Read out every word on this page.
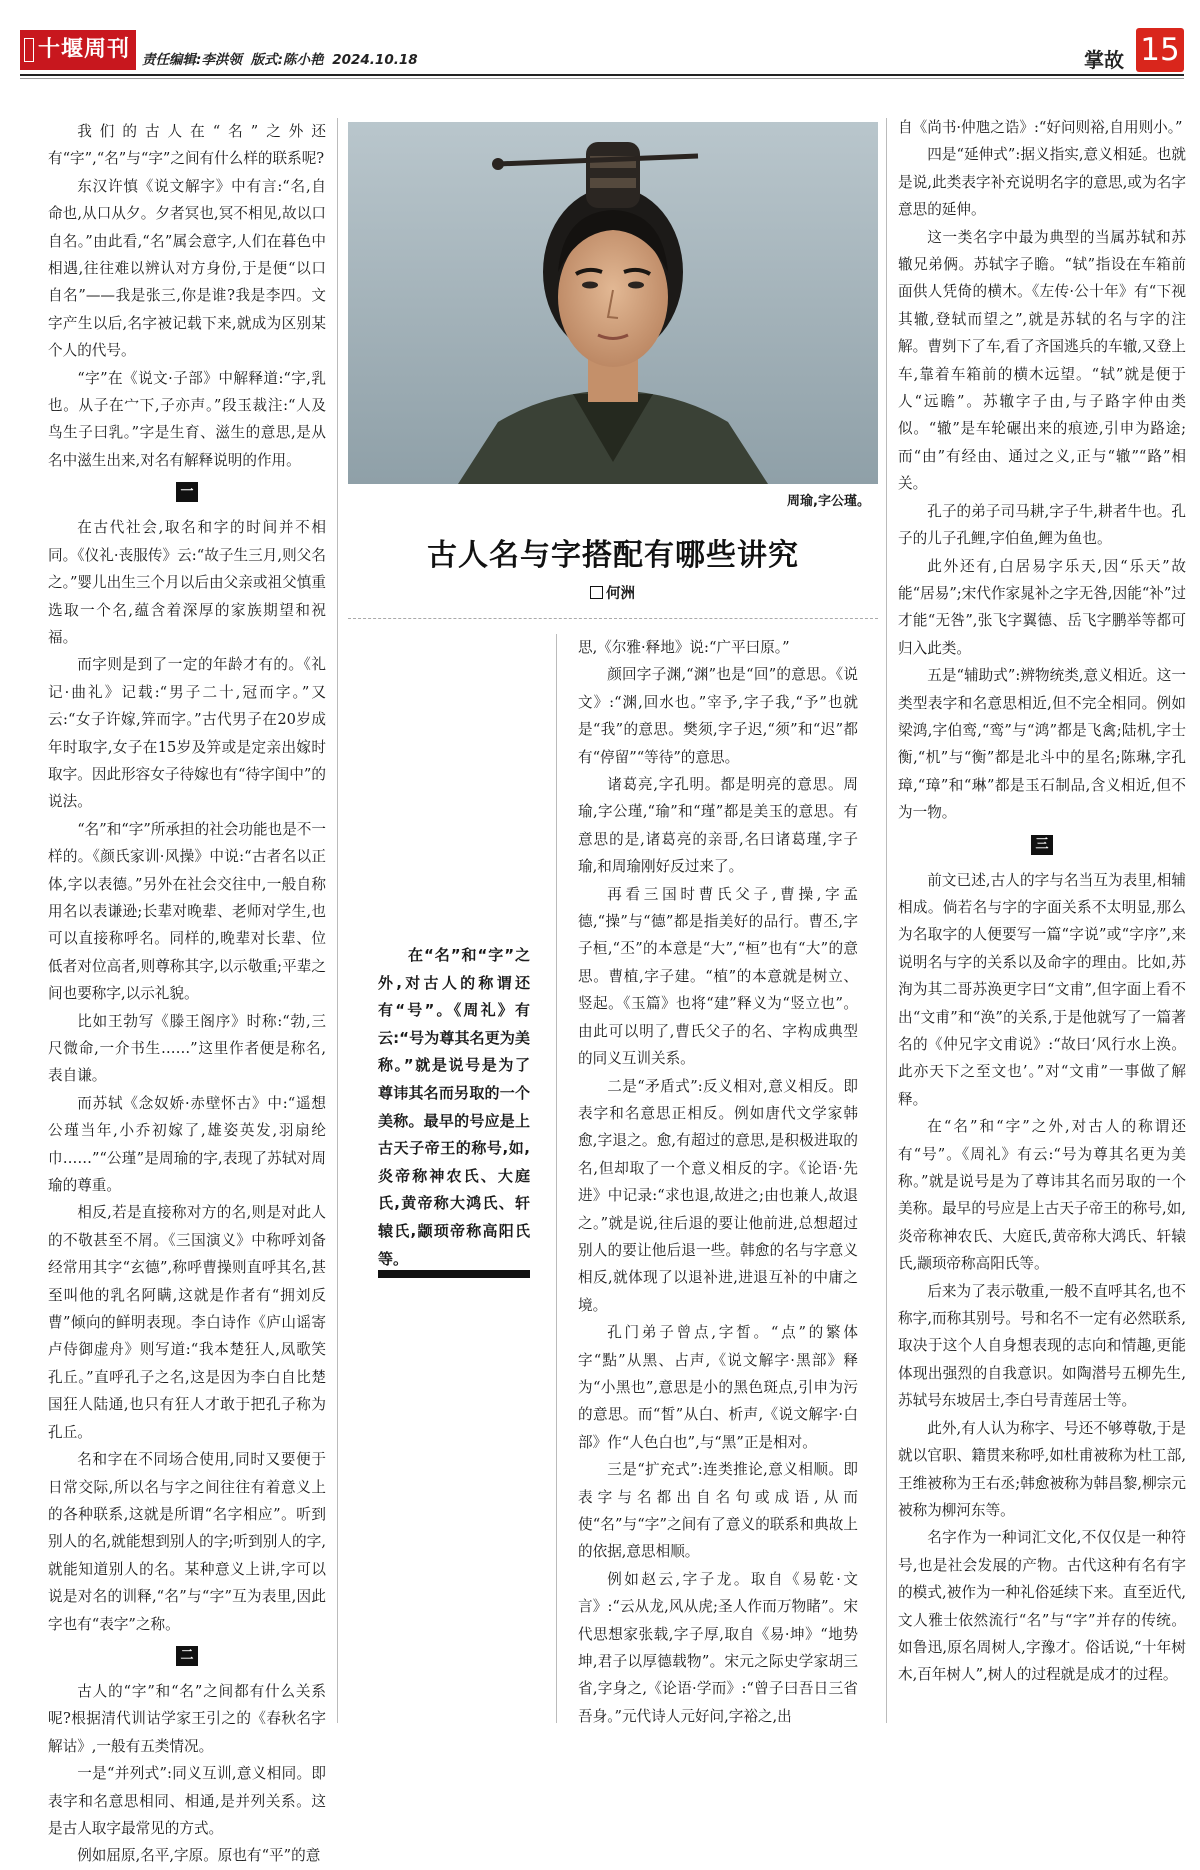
十堰周刊 责任编辑:李洪领 版式:陈小艳 2024.10.18	掌故 15

我们的古人在“名”之外还有“字”,“名”与“字”之间有什么样的联系呢?

东汉许慎《说文解字》中有言:“名,自命也,从口从夕。夕者冥也,冥不相见,故以口自名。”由此看,“名”属会意字,人们在暮色中相遇,往往难以辨认对方身份,于是便“以口自名”——我是张三,你是谁?我是李四。文字产生以后,名字被记载下来,就成为区别某个人的代号。

“字”在《说文·子部》中解释道:“字,乳也。从子在宀下,子亦声。”段玉裁注:“人及鸟生子曰乳。”字是生育、滋生的意思,是从名中滋生出来,对名有解释说明的作用。

一

在古代社会,取名和字的时间并不相同。《仪礼·丧服传》云:“故子生三月,则父名之。”婴儿出生三个月以后由父亲或祖父慎重选取一个名,蕴含着深厚的家族期望和祝福。

而字则是到了一定的年龄才有的。《礼记·曲礼》记载:“男子二十,冠而字。”又云:“女子许嫁,笄而字。”古代男子在20岁成年时取字,女子在15岁及笄或是定亲出嫁时取字。因此形容女子待嫁也有“待字闺中”的说法。

“名”和“字”所承担的社会功能也是不一样的。《颜氏家训·风操》中说:“古者名以正体,字以表德。”另外在社会交往中,一般自称用名以表谦逊;长辈对晚辈、老师对学生,也可以直接称呼名。同样的,晚辈对长辈、位低者对位高者,则尊称其字,以示敬重;平辈之间也要称字,以示礼貌。

比如王勃写《滕王阁序》时称:“勃,三尺微命,一介书生……”这里作者便是称名,表自谦。

而苏轼《念奴娇·赤壁怀古》中:“遥想公瑾当年,小乔初嫁了,雄姿英发,羽扇纶巾……”“公瑾”是周瑜的字,表现了苏轼对周瑜的尊重。

相反,若是直接称对方的名,则是对此人的不敬甚至不屑。《三国演义》中称呼刘备经常用其字“玄德”,称呼曹操则直呼其名,甚至叫他的乳名阿瞒,这就是作者有“拥刘反曹”倾向的鲜明表现。李白诗作《庐山谣寄卢侍御虚舟》则写道:“我本楚狂人,凤歌笑孔丘。”直呼孔子之名,这是因为李白自比楚国狂人陆通,也只有狂人才敢于把孔子称为孔丘。

名和字在不同场合使用,同时又要便于日常交际,所以名与字之间往往有着意义上的各种联系,这就是所谓“名字相应”。听到别人的名,就能想到别人的字;听到别人的字,就能知道别人的名。某种意义上讲,字可以说是对名的训释,“名”与“字”互为表里,因此字也有“表字”之称。

二

古人的“字”和“名”之间都有什么关系呢?根据清代训诂学家王引之的《春秋名字解诂》,一般有五类情况。

一是“并列式”:同义互训,意义相同。即表字和名意思相同、相通,是并列关系。这是古人取字最常见的方式。

例如屈原,名平,字原。原也有“平”的意

周瑜,字公瑾。
古人名与字搭配有哪些讲究
何洲

在“名”和“字”之外,对古人的称谓还有“号”。《周礼》有云:“号为尊其名更为美称。”就是说号是为了尊讳其名而另取的一个美称。最早的号应是上古天子帝王的称号,如,炎帝称神农氏、大庭氏,黄帝称大鸿氏、轩辕氏,颛顼帝称高阳氏等。

思,《尔雅·释地》说:“广平曰原。”

颜回字子渊,“渊”也是“回”的意思。《说文》:“渊,回水也。”宰予,字子我,“予”也就是“我”的意思。樊须,字子迟,“须”和“迟”都有“停留”“等待”的意思。

诸葛亮,字孔明。都是明亮的意思。周瑜,字公瑾,“瑜”和“瑾”都是美玉的意思。有意思的是,诸葛亮的亲哥,名曰诸葛瑾,字子瑜,和周瑜刚好反过来了。

再看三国时曹氏父子,曹操,字孟德,“操”与“德”都是指美好的品行。曹丕,字子桓,“丕”的本意是“大”,“桓”也有“大”的意思。曹植,字子建。“植”的本意就是树立、竖起。《玉篇》也将“建”释义为“竖立也”。由此可以明了,曹氏父子的名、字构成典型的同义互训关系。

二是“矛盾式”:反义相对,意义相反。即表字和名意思正相反。例如唐代文学家韩愈,字退之。愈,有超过的意思,是积极进取的名,但却取了一个意义相反的字。《论语·先进》中记录:“求也退,故进之;由也兼人,故退之。”就是说,往后退的要让他前进,总想超过别人的要让他后退一些。韩愈的名与字意义相反,就体现了以退补进,进退互补的中庸之境。

孔门弟子曾点,字皙。“点”的繁体字“點”从黑、占声,《说文解字·黑部》释为“小黑也”,意思是小的黑色斑点,引申为污的意思。而“皙”从白、析声,《说文解字·白部》作“人色白也”,与“黑”正是相对。

三是“扩充式”:连类推论,意义相顺。即表字与名都出自名句或成语,从而使“名”与“字”之间有了意义的联系和典故上的依据,意思相顺。

例如赵云,字子龙。取自《易乾·文言》:“云从龙,风从虎;圣人作而万物睹”。宋代思想家张载,字子厚,取自《易·坤》“地势坤,君子以厚德载物”。宋元之际史学家胡三省,字身之,《论语·学而》:“曾子曰吾日三省吾身。”元代诗人元好问,字裕之,出

自《尚书·仲虺之诰》:“好问则裕,自用则小。”

四是“延伸式”:据义指实,意义相延。也就是说,此类表字补充说明名字的意思,或为名字意思的延伸。

这一类名字中最为典型的当属苏轼和苏辙兄弟俩。苏轼字子瞻。“轼”指设在车箱前面供人凭倚的横木。《左传·公十年》有“下视其辙,登轼而望之”,就是苏轼的名与字的注解。曹刿下了车,看了齐国逃兵的车辙,又登上车,靠着车箱前的横木远望。“轼”就是便于人“远瞻”。苏辙字子由,与子路字仲由类似。“辙”是车轮碾出来的痕迹,引申为路途;而“由”有经由、通过之义,正与“辙”“路”相关。

孔子的弟子司马耕,字子牛,耕者牛也。孔子的儿子孔鲤,字伯鱼,鲤为鱼也。

此外还有,白居易字乐天,因“乐天”故能“居易”;宋代作家晁补之字无咎,因能“补”过才能“无咎”,张飞字翼德、岳飞字鹏举等都可归入此类。

五是“辅助式”:辨物统类,意义相近。这一类型表字和名意思相近,但不完全相同。例如梁鸿,字伯鸾,“鸾”与“鸿”都是飞禽;陆机,字士衡,“机”与“衡”都是北斗中的星名;陈琳,字孔璋,“璋”和“琳”都是玉石制品,含义相近,但不为一物。

三

前文已述,古人的字与名当互为表里,相辅相成。倘若名与字的字面关系不太明显,那么为名取字的人便要写一篇“字说”或“字序”,来说明名与字的关系以及命字的理由。比如,苏洵为其二哥苏涣更字曰“文甫”,但字面上看不出“文甫”和“涣”的关系,于是他就写了一篇著名的《仲兄字文甫说》:“故曰‘风行水上涣。此亦天下之至文也’。”对“文甫”一事做了解释。

在“名”和“字”之外,对古人的称谓还有“号”。《周礼》有云:“号为尊其名更为美称。”就是说号是为了尊讳其名而另取的一个美称。最早的号应是上古天子帝王的称号,如,炎帝称神农氏、大庭氏,黄帝称大鸿氏、轩辕氏,颛顼帝称高阳氏等。

后来为了表示敬重,一般不直呼其名,也不称字,而称其别号。号和名不一定有必然联系,取决于这个人自身想表现的志向和情趣,更能体现出强烈的自我意识。如陶潜号五柳先生,苏轼号东坡居士,李白号青莲居士等。

此外,有人认为称字、号还不够尊敬,于是就以官职、籍贯来称呼,如杜甫被称为杜工部,王维被称为王右丞;韩愈被称为韩昌黎,柳宗元被称为柳河东等。

名字作为一种词汇文化,不仅仅是一种符号,也是社会发展的产物。古代这种有名有字的模式,被作为一种礼俗延续下来。直至近代,文人雅士依然流行“名”与“字”并存的传统。如鲁迅,原名周树人,字豫才。俗话说,“十年树木,百年树人”,树人的过程就是成才的过程。
